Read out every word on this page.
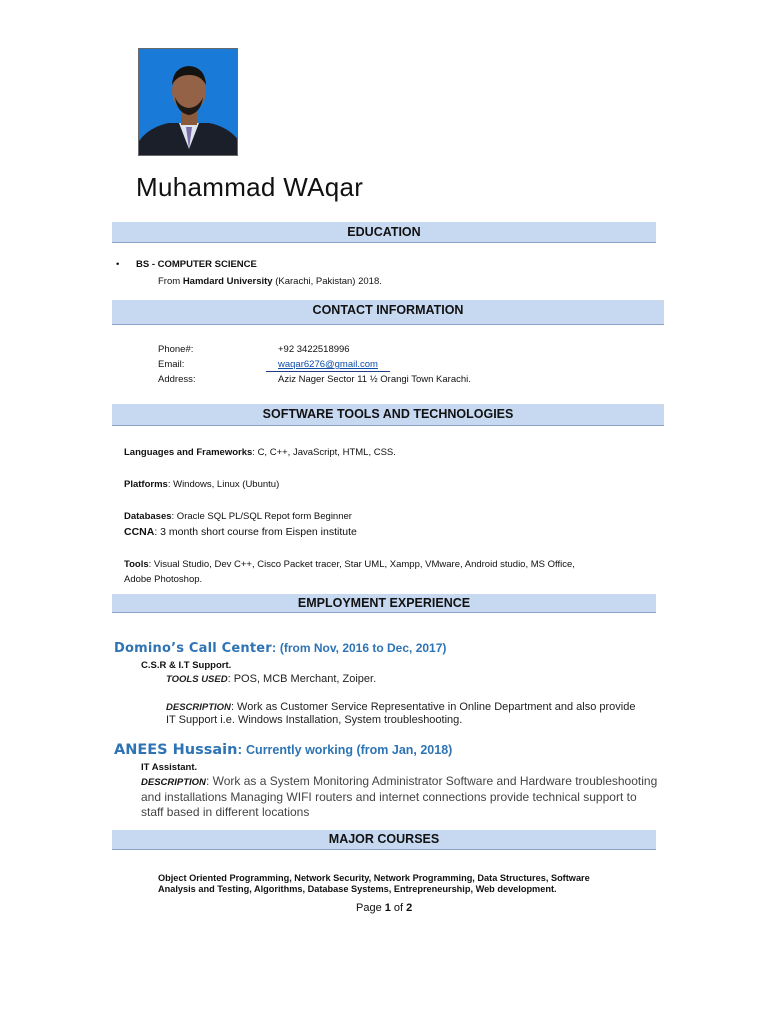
Muhammad WAqar
EDUCATION
• BS - COMPUTER SCIENCE
From Hamdard University (Karachi, Pakistan) 2018.
CONTACT INFORMATION
Phone#:	+92 3422518996
Email:	waqar6276@gmail.com
Address:	Aziz Nager Sector 11 ½ Orangi Town Karachi.
SOFTWARE TOOLS AND TECHNOLOGIES
Languages and Frameworks: C, C++, JavaScript, HTML, CSS.
Platforms: Windows, Linux (Ubuntu)
Databases: Oracle SQL PL/SQL Repot form Beginner
CCNA: 3 month short course from Eispen institute
Tools: Visual Studio, Dev C++, Cisco Packet tracer, Star UML, Xampp, VMware, Android studio, MS Office,
Adobe Photoshop.
EMPLOYMENT EXPERIENCE
Domino’s Call Center: (from Nov, 2016 to Dec, 2017)
C.S.R & I.T Support.
TOOLS USED: POS, MCB Merchant, Zoiper.
DESCRIPTION: Work as Customer Service Representative in Online Department and also provide
IT Support i.e. Windows Installation, System troubleshooting.
ANEES Hussain: Currently working (from Jan, 2018)
IT Assistant.
DESCRIPTION: Work as a System Monitoring Administrator Software and Hardware troubleshooting
and installations Managing WIFI routers and internet connections provide technical support to
staff based in different locations
MAJOR COURSES
Object Oriented Programming, Network Security, Network Programming, Data Structures, Software
Analysis and Testing, Algorithms, Database Systems, Entrepreneurship, Web development.
Page 1 of 2
